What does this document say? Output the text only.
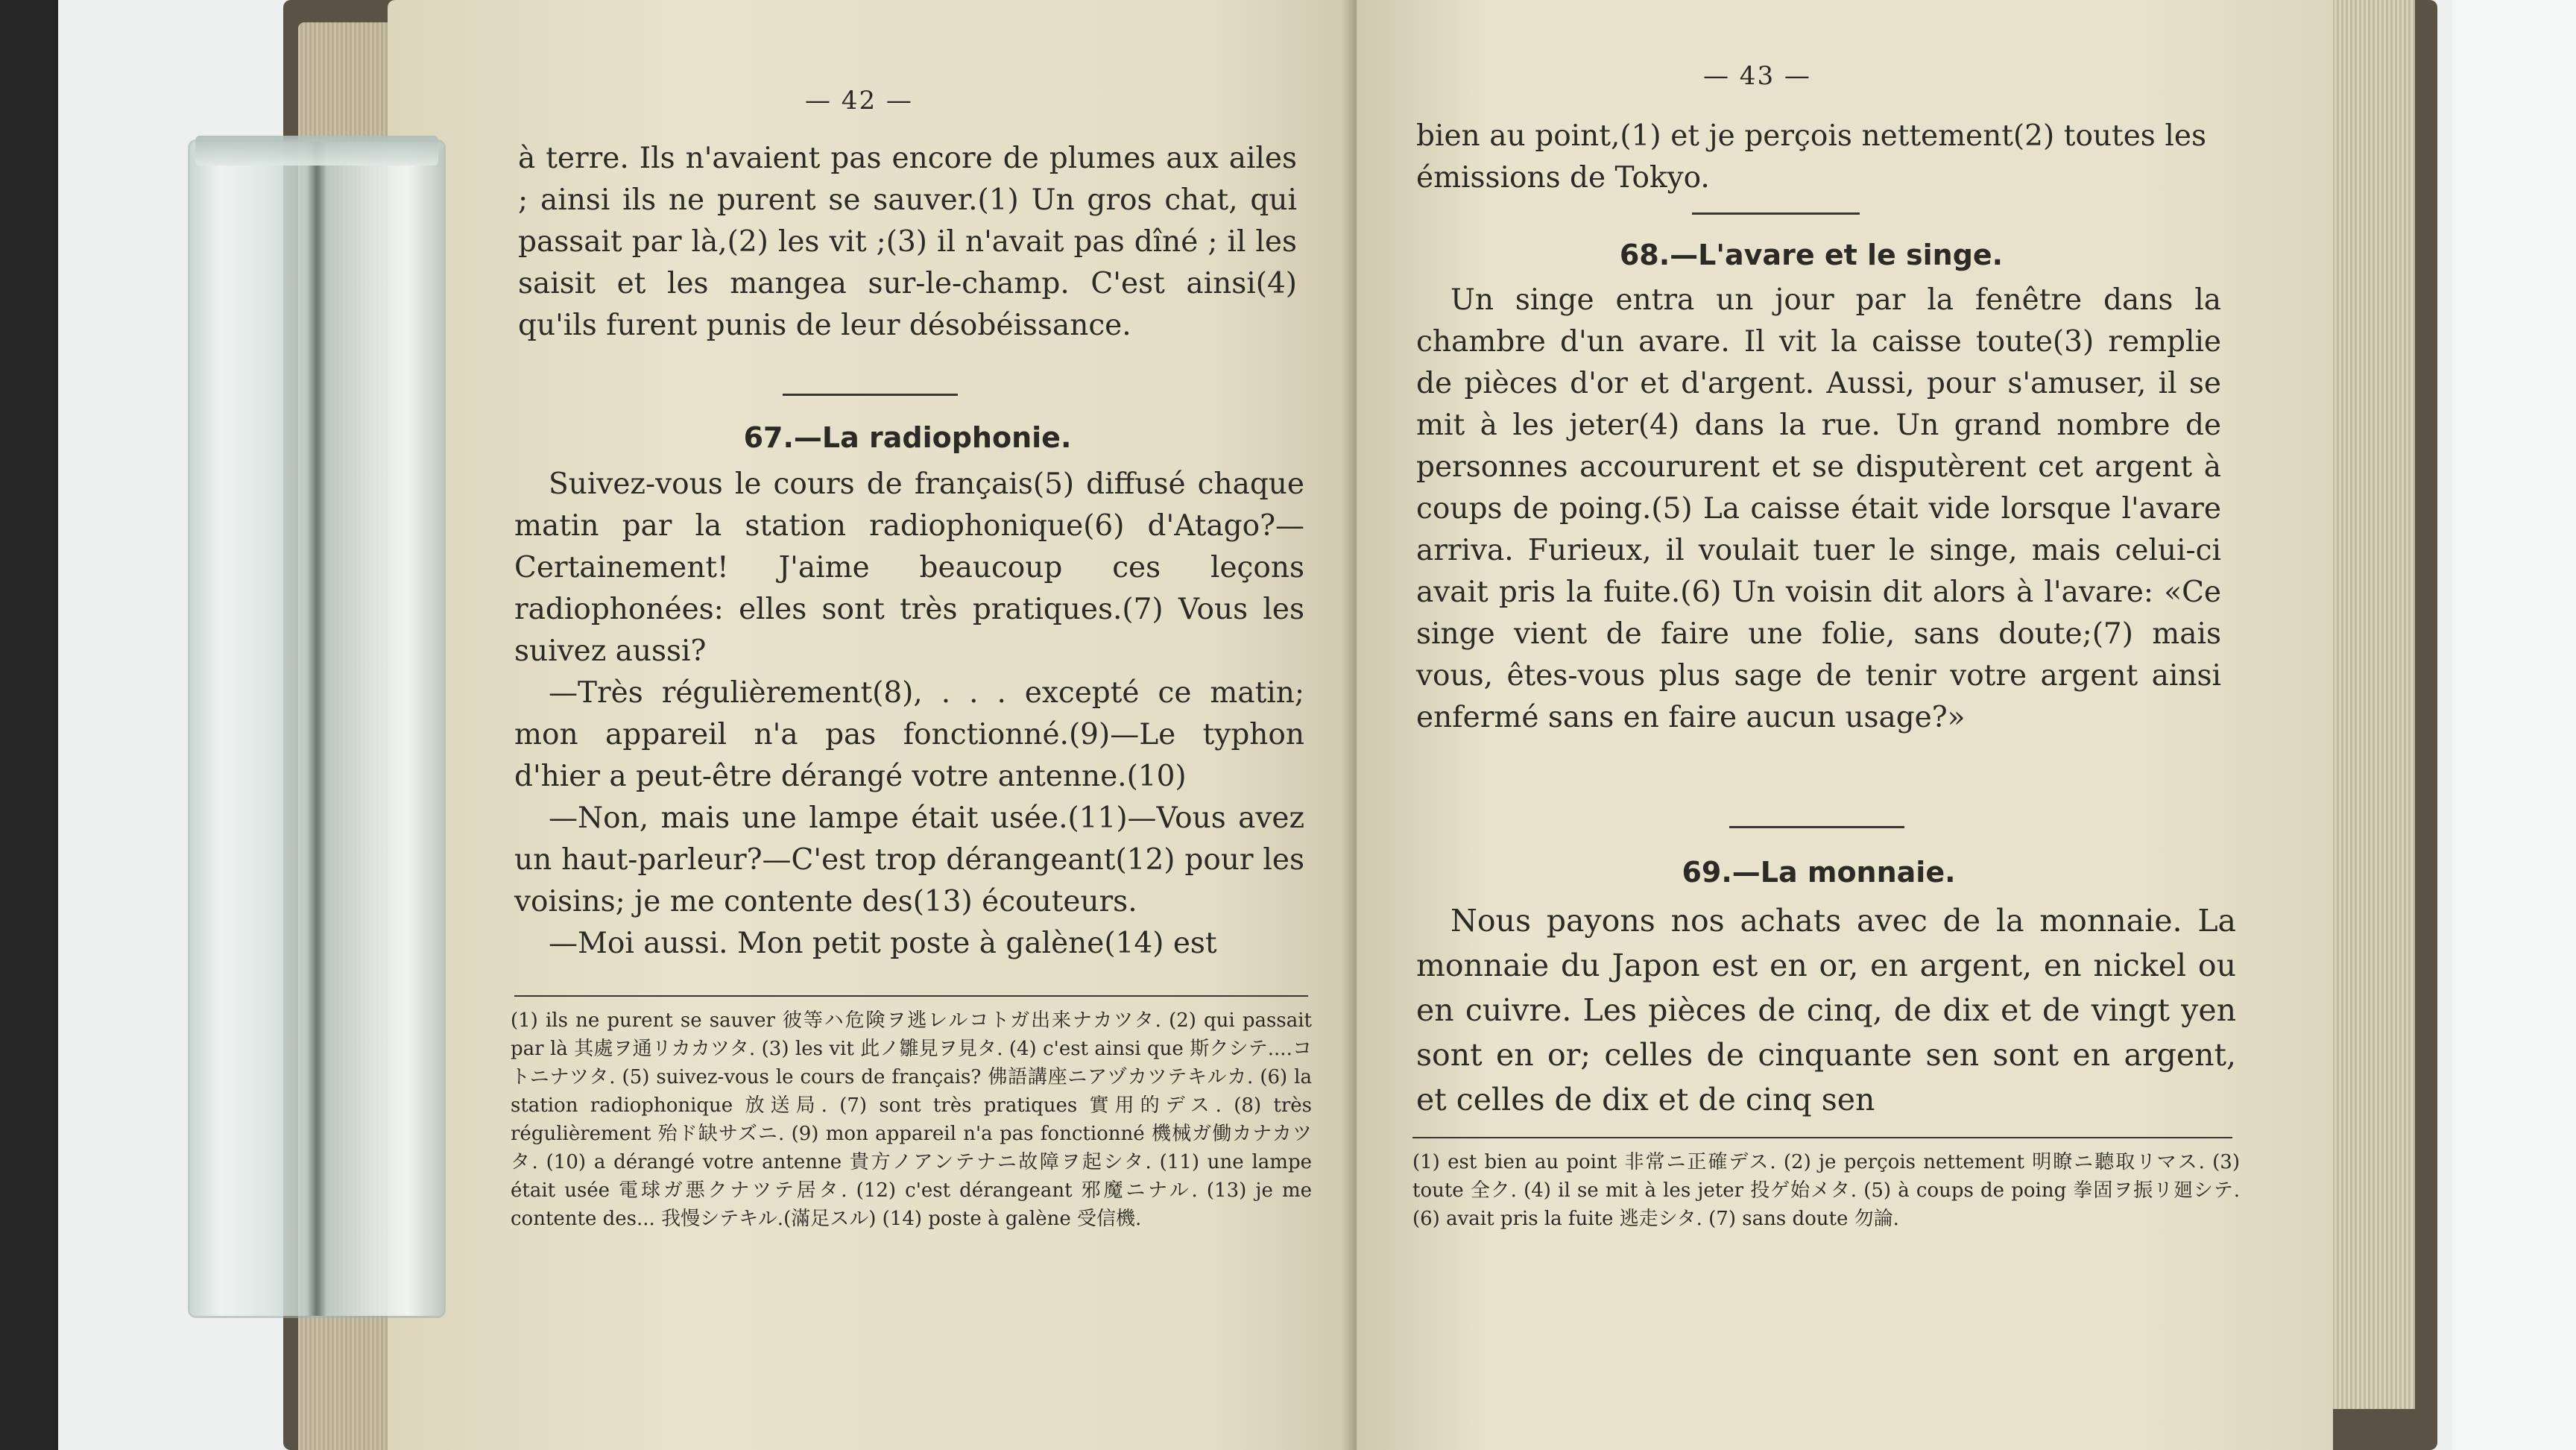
— 42 —

à terre. Ils n'avaient pas encore de plumes aux ailes ; ainsi ils ne purent se sauver.(1) Un gros chat, qui passait par là,(2) les vit ;(3) il n'avait pas dîné ; il les saisit et les mangea sur-le-champ. C'est ainsi(4) qu'ils furent punis de leur désobéissance.

67.—La radiophonie.

Suivez-vous le cours de français(5) diffusé chaque matin par la station radiophonique(6) d'Atago?— Certainement! J'aime beaucoup ces leçons radiophonées: elles sont très pratiques.(7) Vous les suivez aussi?

—Très régulièrement(8), . . . excepté ce matin; mon appareil n'a pas fonctionné.(9)—Le typhon d'hier a peut-être dérangé votre antenne.(10)

—Non, mais une lampe était usée.(11)—Vous avez un haut-parleur?—C'est trop dérangeant(12) pour les voisins; je me contente des(13) écouteurs.

—Moi aussi. Mon petit poste à galène(14) est

(1) ils ne purent se sauver 彼等ハ危険ヲ逃レルコトガ出来ナカツタ. (2) qui passait par là 其處ヲ通リカカツタ. (3) les vit 此ノ雛見ヲ見タ. (4) c'est ainsi que 斯クシテ....コトニナツタ. (5) suivez-vous le cours de français? 佛語講座ニアヅカツテキルカ. (6) la station radiophonique 放送局. (7) sont très pratiques 實用的デス. (8) très régulièrement 殆ド缺サズニ. (9) mon appareil n'a pas fonctionné 機械ガ働カナカツタ. (10) a dérangé votre antenne 貴方ノアンテナニ故障ヲ起シタ. (11) une lampe était usée 電球ガ悪クナツテ居タ. (12) c'est dérangeant 邪魔ニナル. (13) je me contente des... 我慢シテキル.(滿足スル) (14) poste à galène 受信機.
— 43 —

bien au point,(1) et je perçois nettement(2) toutes les émissions de Tokyo.

68.—L'avare et le singe.

Un singe entra un jour par la fenêtre dans la chambre d'un avare. Il vit la caisse toute(3) remplie de pièces d'or et d'argent. Aussi, pour s'amuser, il se mit à les jeter(4) dans la rue. Un grand nombre de personnes accoururent et se disputèrent cet argent à coups de poing.(5) La caisse était vide lorsque l'avare arriva. Furieux, il voulait tuer le singe, mais celui-ci avait pris la fuite.(6) Un voisin dit alors à l'avare: «Ce singe vient de faire une folie, sans doute;(7) mais vous, êtes-vous plus sage de tenir votre argent ainsi enfermé sans en faire aucun usage?»

69.—La monnaie.

Nous payons nos achats avec de la monnaie. La monnaie du Japon est en or, en argent, en nickel ou en cuivre. Les pièces de cinq, de dix et de vingt yen sont en or; celles de cinquante sen sont en argent, et celles de dix et de cinq sen

(1) est bien au point 非常ニ正確デス. (2) je perçois nettement 明瞭ニ聽取リマス. (3) toute 全ク. (4) il se mit à les jeter 投ゲ始メタ. (5) à coups de poing 拳固ヲ振リ廻シテ. (6) avait pris la fuite 逃走シタ. (7) sans doute 勿論.
